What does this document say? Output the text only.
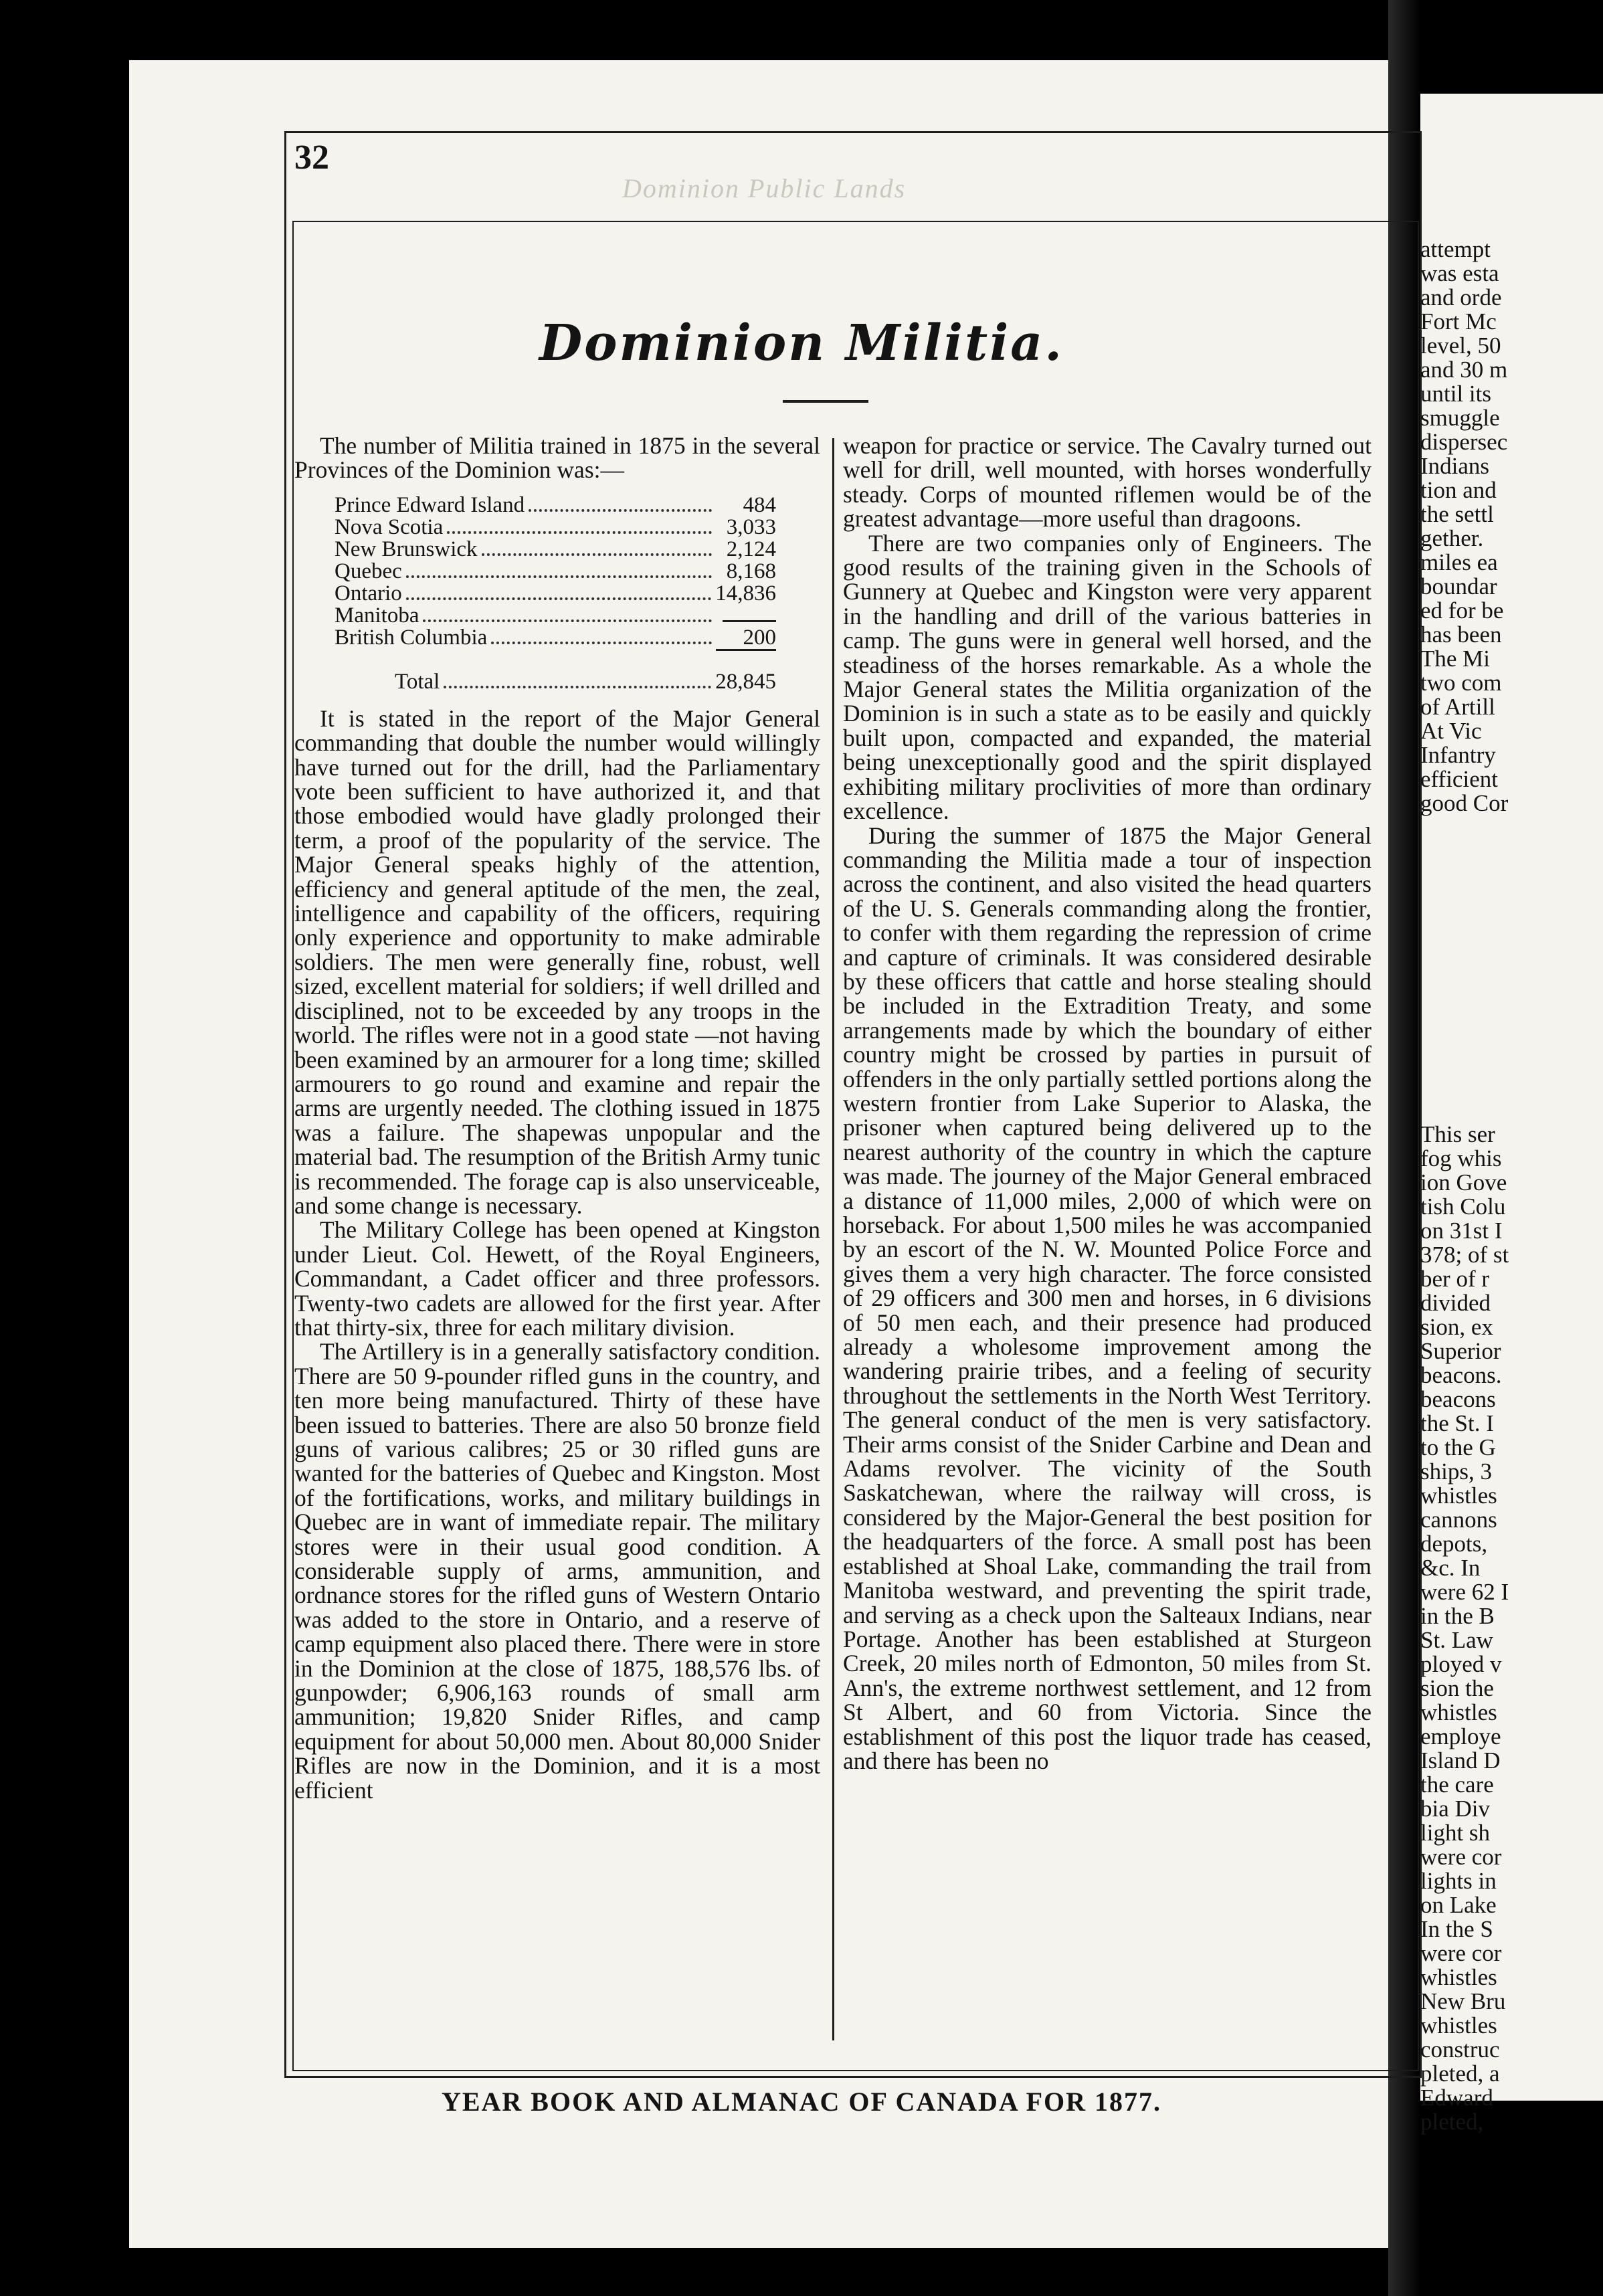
Dominion Public Lands
32
Dominion Militia.

The number of Militia trained in 1875 in the several Provinces of the Dominion was:—

Prince Edward Island	484
Nova Scotia	3,033
New Brunswick	2,124
Quebec	8,168
Ontario	14,836
Manitoba
British Columbia	200
Total	28,845

It is stated in the report of the Major General commanding that double the number would willingly have turned out for the drill, had the Parliamentary vote been sufficient to have authorized it, and that those embodied would have gladly prolonged their term, a proof of the popularity of the service. The Major General speaks highly of the attention, efficiency and general aptitude of the men, the zeal, intelligence and capability of the officers, requiring only experience and opportunity to make admirable soldiers. The men were generally fine, robust, well sized, excellent material for soldiers; if well drilled and disciplined, not to be exceeded by any troops in the world. The rifles were not in a good state —not having been examined by an armourer for a long time; skilled armourers to go round and examine and repair the arms are urgently needed. The clothing issued in 1875 was a failure. The shapewas unpopular and the material bad. The resumption of the British Army tunic is recommended. The forage cap is also unserviceable, and some change is necessary.

The Military College has been opened at Kingston under Lieut. Col. Hewett, of the Royal Engineers, Commandant, a Cadet officer and three professors. Twenty-two cadets are allowed for the first year. After that thirty-six, three for each military division.

The Artillery is in a generally satisfactory condition. There are 50 9-pounder rifled guns in the country, and ten more being manufactured. Thirty of these have been issued to batteries. There are also 50 bronze field guns of various calibres; 25 or 30 rifled guns are wanted for the batteries of Quebec and Kingston. Most of the fortifications, works, and military buildings in Quebec are in want of immediate repair. The military stores were in their usual good condition. A considerable supply of arms, ammunition, and ordnance stores for the rifled guns of Western Ontario was added to the store in Ontario, and a reserve of camp equipment also placed there. There were in store in the Dominion at the close of 1875, 188,576 lbs. of gunpowder; 6,906,163 rounds of small arm ammunition; 19,820 Snider Rifles, and camp equipment for about 50,000 men. About 80,000 Snider Rifles are now in the Dominion, and it is a most efficient

weapon for practice or service. The Cavalry turned out well for drill, well mounted, with horses wonderfully steady. Corps of mounted riflemen would be of the greatest advantage—more useful than dragoons.

There are two companies only of Engineers. The good results of the training given in the Schools of Gunnery at Quebec and Kingston were very apparent in the handling and drill of the various batteries in camp. The guns were in general well horsed, and the steadiness of the horses remarkable. As a whole the Major General states the Militia organization of the Dominion is in such a state as to be easily and quickly built upon, compacted and expanded, the material being unexceptionally good and the spirit displayed exhibiting military proclivities of more than ordinary excellence.

During the summer of 1875 the Major General commanding the Militia made a tour of inspection across the continent, and also visited the head quarters of the U. S. Generals commanding along the frontier, to confer with them regarding the repression of crime and capture of criminals. It was considered desirable by these officers that cattle and horse stealing should be included in the Extradition Treaty, and some arrangements made by which the boundary of either country might be crossed by parties in pursuit of offenders in the only partially settled portions along the western frontier from Lake Superior to Alaska, the prisoner when captured being delivered up to the nearest authority of the country in which the capture was made. The journey of the Major General embraced a distance of 11,000 miles, 2,000 of which were on horseback. For about 1,500 miles he was accompanied by an escort of the N. W. Mounted Police Force and gives them a very high character. The force consisted of 29 officers and 300 men and horses, in 6 divisions of 50 men each, and their presence had produced already a wholesome improvement among the wandering prairie tribes, and a feeling of security throughout the settlements in the North West Territory. The general conduct of the men is very satisfactory. Their arms consist of the Snider Carbine and Dean and Adams revolver. The vicinity of the South Saskatchewan, where the railway will cross, is considered by the Major-General the best position for the headquarters of the force. A small post has been established at Shoal Lake, commanding the trail from Manitoba westward, and preventing the spirit trade, and serving as a check upon the Salteaux Indians, near Portage. Another has been established at Sturgeon Creek, 20 miles north of Edmonton, 50 miles from St. Ann's, the extreme northwest settlement, and 12 from St Albert, and 60 from Victoria. Since the establishment of this post the liquor trade has ceased, and there has been no

YEAR BOOK AND ALMANAC OF CANADA FOR 1877.
attempt
was esta
and orde
Fort Mc
level, 50
and 30 m
until its
smuggle
dispersec
Indians
tion and
the settl
gether.
miles ea
boundar
ed for be
has been
The Mi
two com
of Artill
At Vic
Infantry
efficient
good Cor
This ser
fog whis
ion Gove
tish Colu
on 31st I
378; of st
ber of r
divided
sion, ex
Superior
beacons.
beacons
the St. I
to the G
ships, 3
whistles
cannons
depots,
&c. In
were 62 I
in the B
St. Law
ployed v
sion the
whistles
employe
Island D
the care
bia Div
light sh
were cor
lights in
on Lake
In the S
were cor
whistles
New Bru
whistles
construc
pleted, a
Edward
pleted,
